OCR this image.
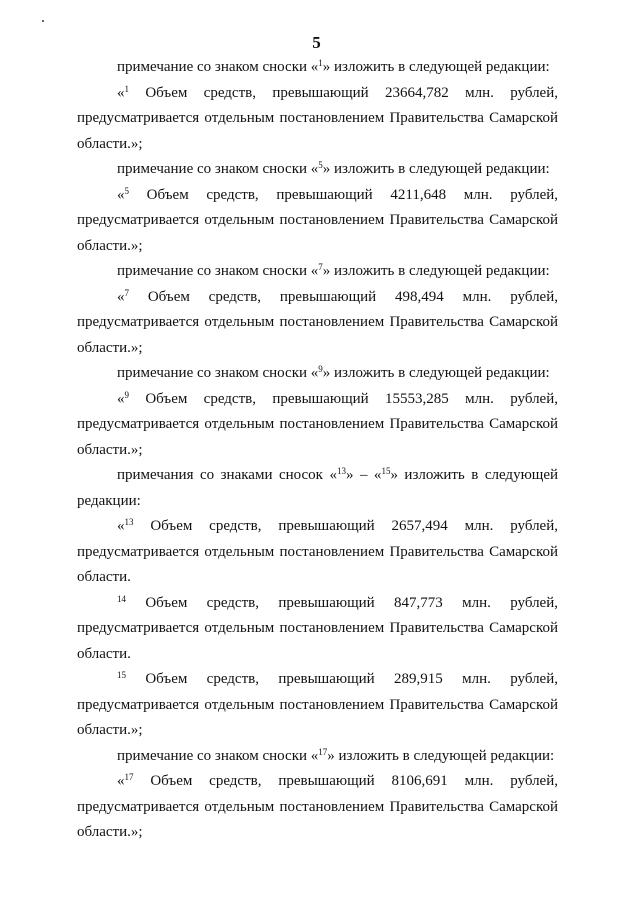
5

примечание со знаком сноски «$^1$» изложить в следующей редакции:

«$^1$ Объем средств, превышающий 23664,782 млн. рублей, предусматривается отдельным постановлением Правительства Самарской области.»;

примечание со знаком сноски «$^5$» изложить в следующей редакции:

«$^5$ Объем средств, превышающий 4211,648 млн. рублей, предусматривается отдельным постановлением Правительства Самарской области.»;

примечание со знаком сноски «$^7$» изложить в следующей редакции:

«$^7$ Объем средств, превышающий 498,494 млн. рублей, предусматривается отдельным постановлением Правительства Самарской области.»;

примечание со знаком сноски «$^9$» изложить в следующей редакции:

«$^9$ Объем средств, превышающий 15553,285 млн. рублей, предусматривается отдельным постановлением Правительства Самарской области.»;

примечания со знаками сносок «$^{13}$» – «$^{15}$» изложить в следующей редакции:

«$^{13}$ Объем средств, превышающий 2657,494 млн. рублей, предусматривается отдельным постановлением Правительства Самарской области.

$^{14}$ Объем средств, превышающий 847,773 млн. рублей, предусматривается отдельным постановлением Правительства Самарской области.

$^{15}$ Объем средств, превышающий 289,915 млн. рублей, предусматривается отдельным постановлением Правительства Самарской области.»;

примечание со знаком сноски «$^{17}$» изложить в следующей редакции:

«$^{17}$ Объем средств, превышающий 8106,691 млн. рублей, предусматривается отдельным постановлением Правительства Самарской области.»;
